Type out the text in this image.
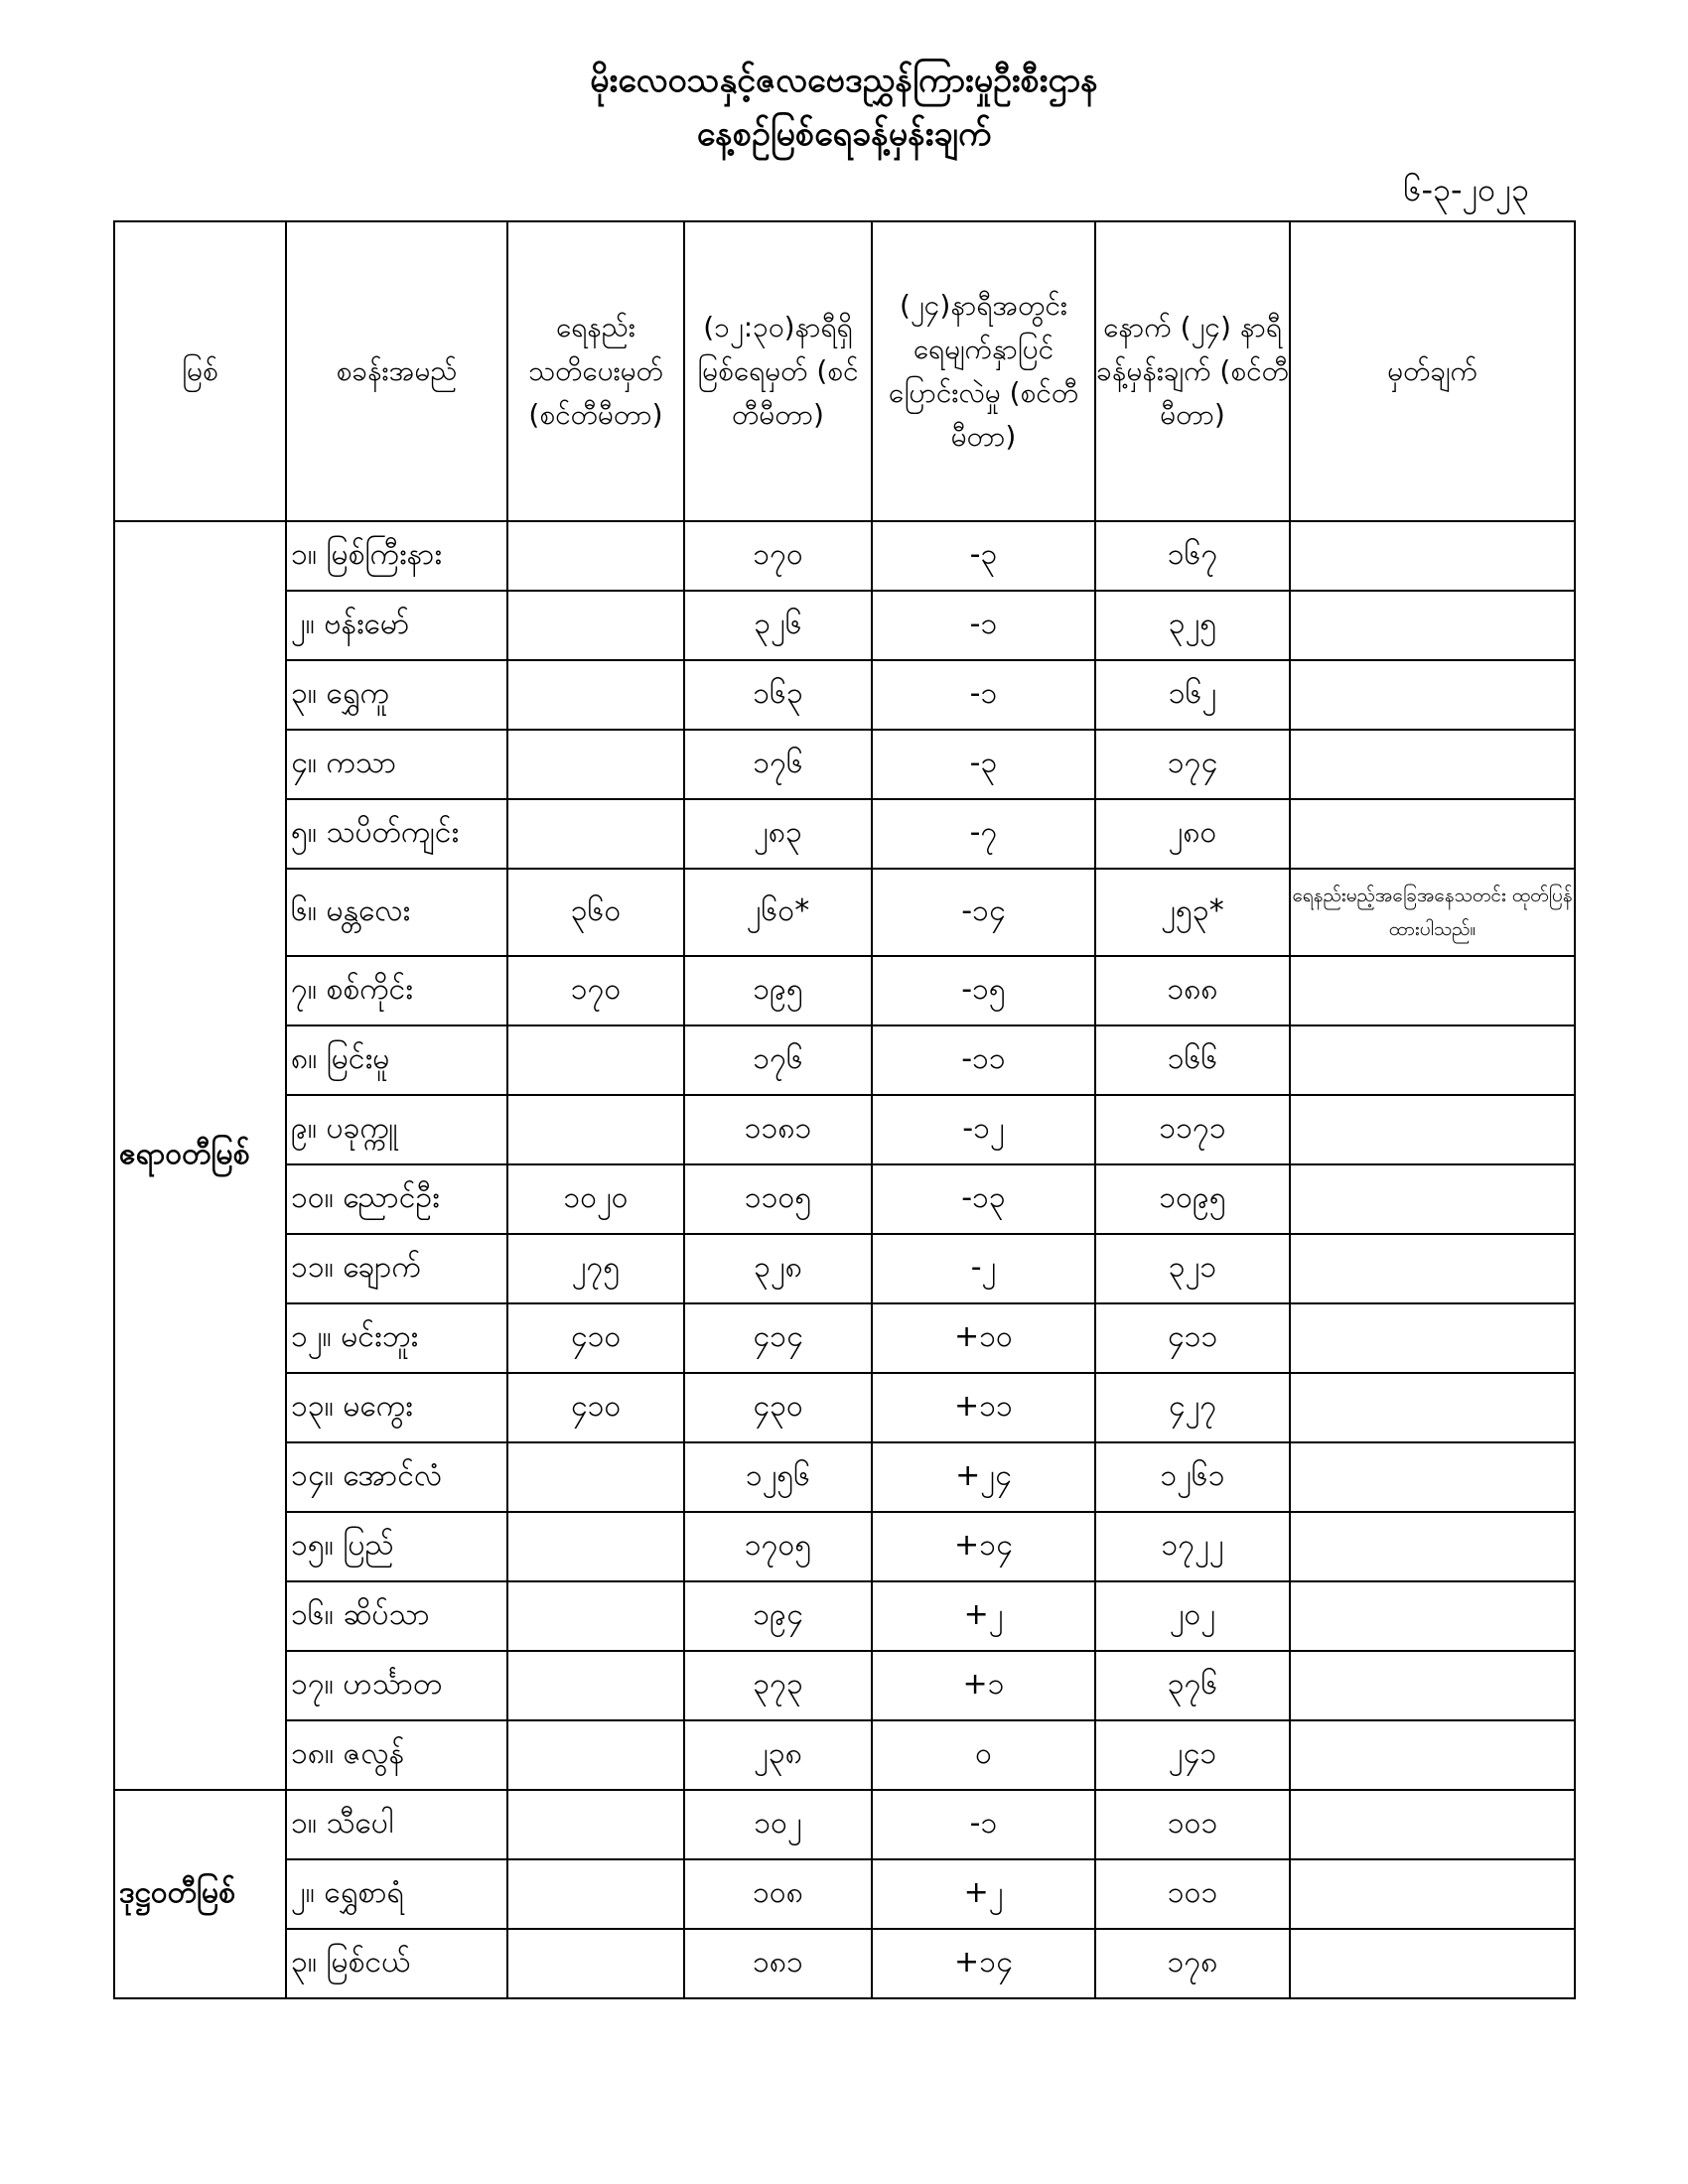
မိုးလေဝသနှင့်ဇလဗေဒညွှန်ကြားမှုဦးစီးဌာန
နေ့စဉ်မြစ်ရေခန့်မှန်းချက်
၆-၃-၂၀၂၃
မြစ်	စခန်းအမည်	ရေနည်း သတိပေးမှတ် (စင်တီမီတာ)	(၁၂:၃၀)နာရီရှိ မြစ်ရေမှတ် (စင်တီမီတာ)	(၂၄)နာရီအတွင်း ရေမျက်နှာပြင် ပြောင်းလဲမှု (စင်တီမီတာ)	နောက် (၂၄) နာရီ ခန့်မှန်းချက် (စင်တီမီတာ)	မှတ်ချက်
ဧရာဝတီမြစ်	၁။ မြစ်ကြီးနား		၁၇၀	-၃	၁၆၇	
	၂။ ဗန်းမော်		၃၂၆	-၁	၃၂၅	
	၃။ ရွှေကူ		၁၆၃	-၁	၁၆၂	
	၄။ ကသာ		၁၇၆	-၃	၁၇၄	
	၅။ သပိတ်ကျင်း		၂၈၃	-၇	၂၈၀	
	၆။ မန္တလေး	၃၆၀	၂၆၀*	-၁၄	၂၅၃*	ရေနည်းမည့်အခြေအနေသတင်း ထုတ်ပြန်ထားပါသည်။
	၇။ စစ်ကိုင်း	၁၇၀	၁၉၅	-၁၅	၁၈၈	
	၈။ မြင်းမူ		၁၇၆	-၁၁	၁၆၆	
	၉။ ပခုက္ကူ		၁၁၈၁	-၁၂	၁၁၇၁	
	၁၀။ ညောင်ဦး	၁၀၂၀	၁၁၀၅	-၁၃	၁၀၉၅	
	၁၁။ ချောက်	၂၇၅	၃၂၈	-၂	၃၂၁	
	၁၂။ မင်းဘူး	၄၁၀	၄၁၄	+၁၀	၄၁၁	
	၁၃။ မကွေး	၄၁၀	၄၃၀	+၁၁	၄၂၇	
	၁၄။ အောင်လံ		၁၂၅၆	+၂၄	၁၂၆၁	
	၁၅။ ပြည်		၁၇၀၅	+၁၄	၁၇၂၂	
	၁၆။ ဆိပ်သာ		၁၉၄	+၂	၂၀၂	
	၁၇။ ဟင်္သာတ		၃၇၃	+၁	၃၇၆	
	၁၈။ ဇလွန်		၂၃၈	၀	၂၄၁	
ဒုဋ္ဌဝတီမြစ်	၁။ သီပေါ		၁၀၂	-၁	၁၀၁	
	၂။ ရွှေစာရံ		၁၀၈	+၂	၁၀၁	
	၃။ မြစ်ငယ်		၁၈၁	+၁၄	၁၇၈	
